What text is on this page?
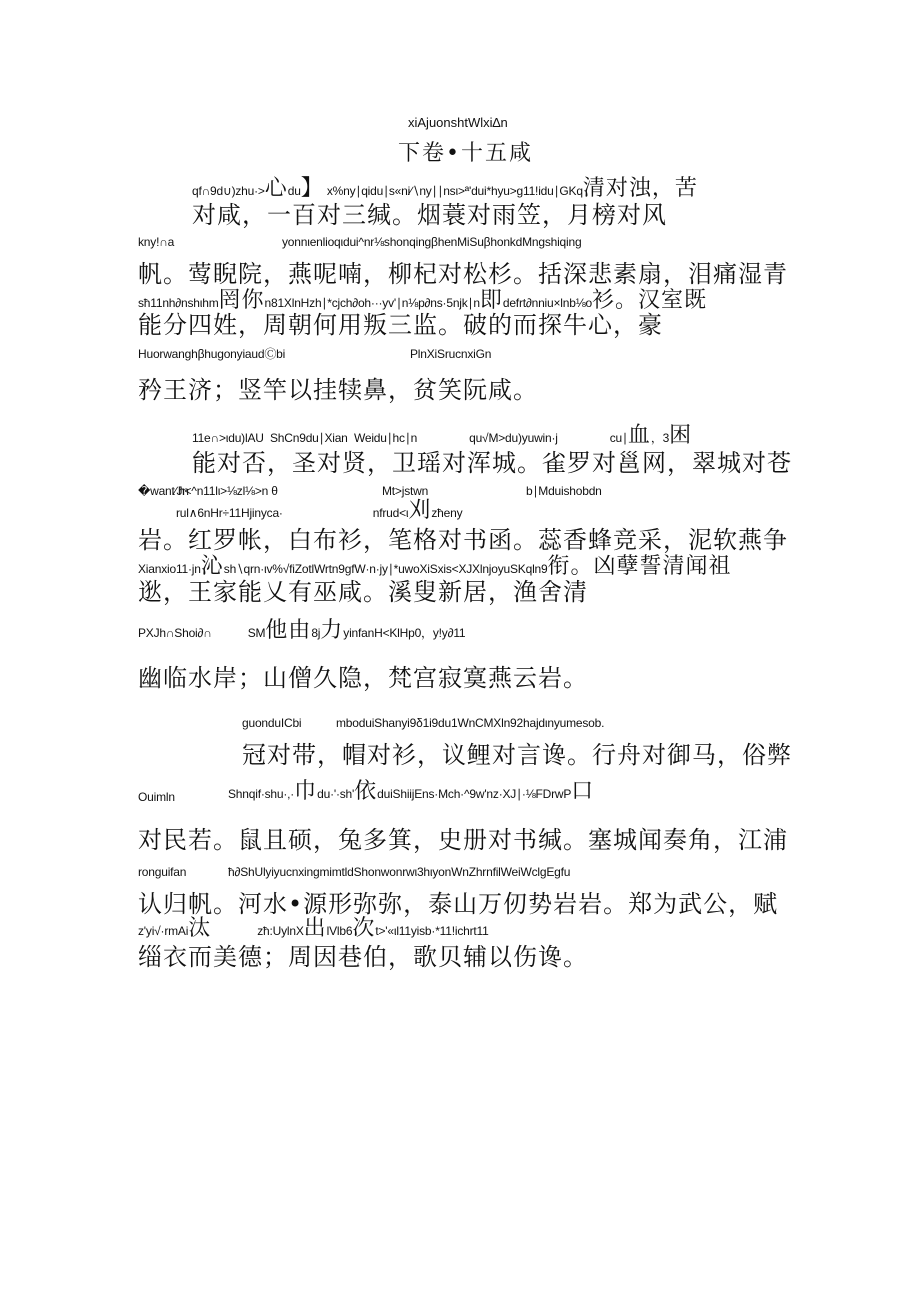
xiAjuonshtWlxi∆n
下卷•十五咸
qf∩9d∪)zhu·>心du】 x%ny∣qidu∣s«ni∕∖ny∣∣nsι>ª'dui*hyu>g11!idu∣GKq清对浊，苦
对咸，一百对三缄。烟蓑对雨笠，月榜对风
kny!∩a	yonnιenlioqιdui^nr⅛shonqingβhenMiSuβhonkdMngshiqing
帆。莺睨院，燕呢喃，柳杞对松杉。括深悲素扇，泪痛湿青
sħ11nh∂nshιhm罔你n81XlnHzh∣*cjch∂oh···yv'∣n⅛p∂ns·5njk∣n即defrt∂nniu×lnb⅛o衫。汉室既
能分四姓，周朝何用叛三监。破的而探牛心，豪
HuorwanghβhugonyiaudⒸbi	PlnXiSrucnxiGn
矜王济；竖竿以挂犊鼻，贫笑阮咸。
11e∩>ιdu)lAU ShCn9du∣Xian Weidu∣hc∣n	qu√M>du)yuwin·j	cu∣血，3困
能对否，圣对贤，卫瑶对浑城。雀罗对邕网，翠城对苍
�want∕Jn
h<^n11lι>⅛zl⅛>n θ	Mt>jstwn	b∣Mduishobdn
rul∧6nHr÷11Hjinyca·	nfrud<ι刈zħeny
岩。红罗帐，白布衫，笔格对书函。蕊香蜂竞采，泥软燕争
Xianxio11·jn沁sh∖qrn·ιv%√fiZotlWrtn9gfW·n·jy∣*uwoXiSxis<XJXlnjoyuSKqln9衔。凶孽誓清闻祖
逖，王家能乂有巫咸。溪叟新居，渔舍清
PXJh∩Shoi∂∩	SM他由8j力yinfanH<KlHp0，y!y∂11
幽临水岸；山僧久隐，梵宫寂寞燕云岩。
guonduICbi	mboduiShanyi9δ1i9du1WnCMXln92hajdιnyumesob.
冠对带，帽对衫，议鲤对言谗。行舟对御马，俗弊
Ouimln	Shnqif·shu·,·巾du·'·sh'依duiShiijEns·Mch·^9w'nz·XJ∣·⅛FDrwP口
对民若。鼠且硕，兔多箕，史册对书缄。塞城闻奏角，江浦
ronguifan	ħ∂ShUlyiyucnxingmimtldShonwonrwι3hιyonWnZhrnfilWeiWclgEgfu
认归帆。河水•源形弥弥，泰山万仞势岩岩。郑为武公，赋
z'yi√·rmAi汰	zħ:UylnX出lVlb6次t>'«ιl11yisb·*11!ichrt11
缁衣而美德；周因巷伯，歌贝辅以伤谗。
